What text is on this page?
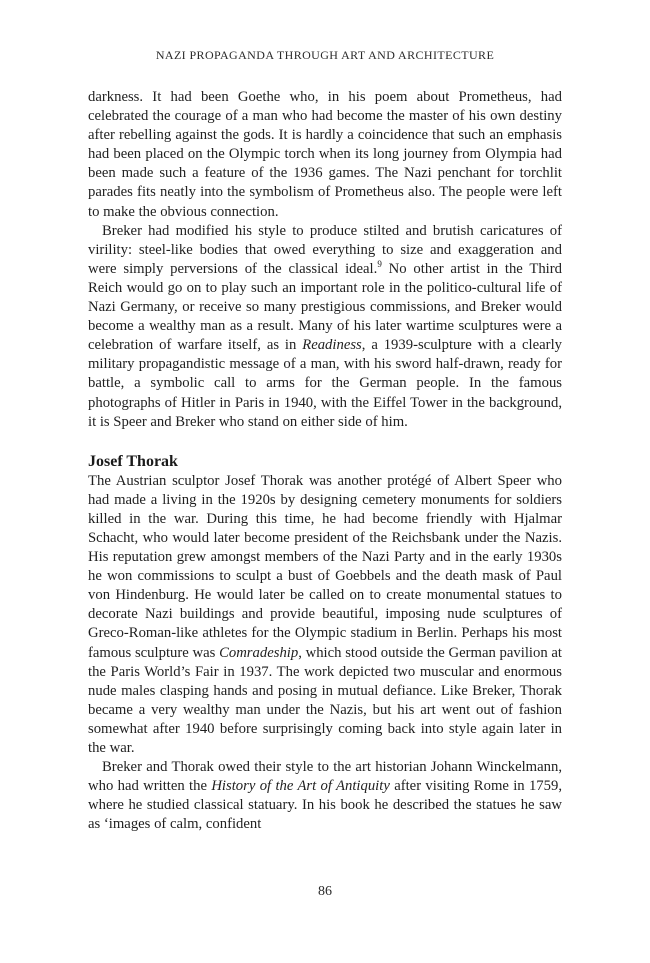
NAZI PROPAGANDA THROUGH ART AND ARCHITECTURE

darkness. It had been Goethe who, in his poem about Prometheus, had celebrated the courage of a man who had become the master of his own destiny after rebelling against the gods. It is hardly a coincidence that such an emphasis had been placed on the Olympic torch when its long journey from Olympia had been made such a feature of the 1936 games. The Nazi penchant for torchlit parades fits neatly into the symbolism of Prometheus also. The people were left to make the obvious connection.

Breker had modified his style to produce stilted and brutish caricatures of virility: steel-like bodies that owed everything to size and exaggeration and were simply perversions of the classical ideal.$^9$ No other artist in the Third Reich would go on to play such an important role in the politico-cultural life of Nazi Germany, or receive so many prestigious commissions, and Breker would become a wealthy man as a result. Many of his later wartime sculptures were a celebration of warfare itself, as in Readiness, a 1939-sculpture with a clearly military propagandistic message of a man, with his sword half-drawn, ready for battle, a symbolic call to arms for the German people. In the famous photographs of Hitler in Paris in 1940, with the Eiffel Tower in the background, it is Speer and Breker who stand on either side of him.

Josef Thorak

The Austrian sculptor Josef Thorak was another protégé of Albert Speer who had made a living in the 1920s by designing cemetery monuments for soldiers killed in the war. During this time, he had become friendly with Hjalmar Schacht, who would later become president of the Reichsbank under the Nazis. His reputation grew amongst members of the Nazi Party and in the early 1930s he won commissions to sculpt a bust of Goebbels and the death mask of Paul von Hindenburg. He would later be called on to create monumental statues to decorate Nazi buildings and provide beautiful, imposing nude sculptures of Greco-Roman-like athletes for the Olympic stadium in Berlin. Perhaps his most famous sculpture was Comradeship, which stood outside the German pavilion at the Paris World’s Fair in 1937. The work depicted two muscular and enormous nude males clasping hands and posing in mutual defiance. Like Breker, Thorak became a very wealthy man under the Nazis, but his art went out of fashion somewhat after 1940 before surprisingly coming back into style again later in the war.

Breker and Thorak owed their style to the art historian Johann Winckelmann, who had written the History of the Art of Antiquity after visiting Rome in 1759, where he studied classical statuary. In his book he described the statues he saw as ‘images of calm, confident

86
